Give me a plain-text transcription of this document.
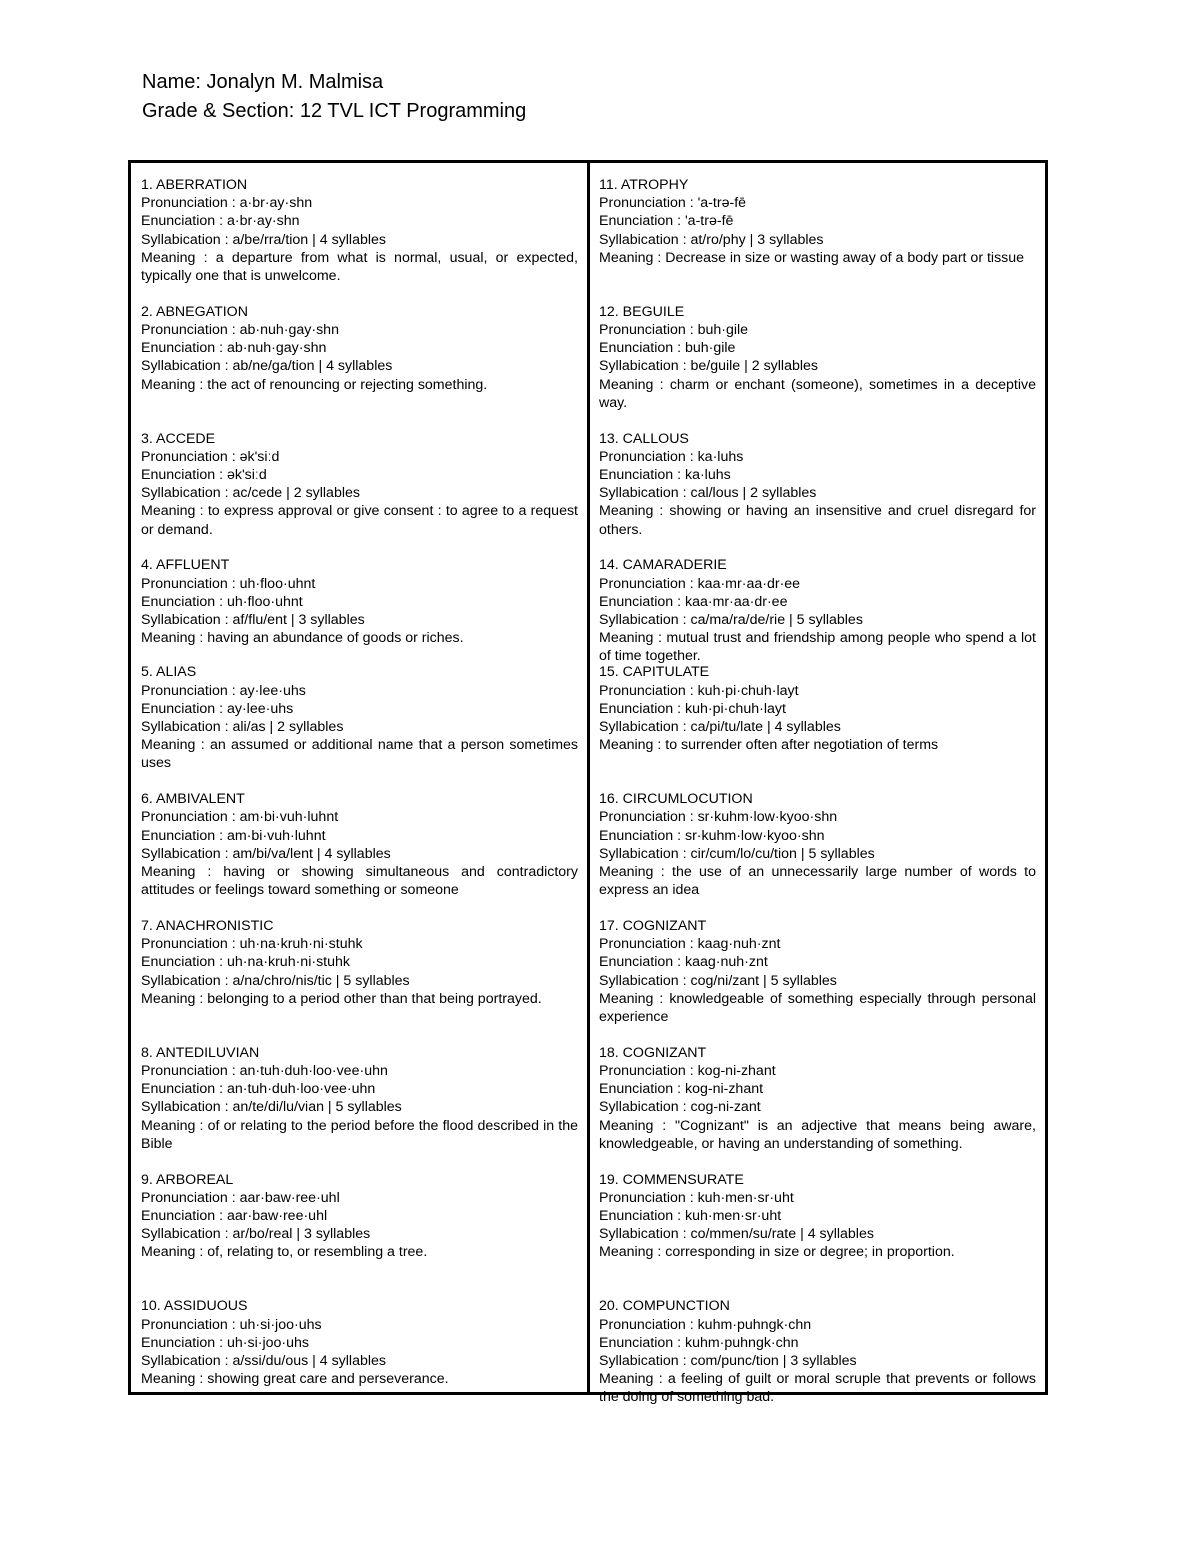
Name: Jonalyn M. Malmisa
Grade & Section: 12 TVL ICT Programming
1. ABERRATION
Pronunciation : a·br·ay·shn
Enunciation : a·br·ay·shn
Syllabication : a/be/rra/tion | 4 syllables
Meaning : a departure from what is normal, usual, or expected, typically one that is unwelcome.
2. ABNEGATION
Pronunciation : ab·nuh·gay·shn
Enunciation : ab·nuh·gay·shn
Syllabication : ab/ne/ga/tion | 4 syllables
Meaning : the act of renouncing or rejecting something.
3. ACCEDE
Pronunciation : ək'siːd
Enunciation : ək'siːd
Syllabication : ac/cede | 2 syllables
Meaning : to express approval or give consent : to agree to a request or demand.
4. AFFLUENT
Pronunciation : uh·floo·uhnt
Enunciation : uh·floo·uhnt
Syllabication : af/flu/ent | 3 syllables
Meaning : having an abundance of goods or riches.
5. ALIAS
Pronunciation : ay·lee·uhs
Enunciation : ay·lee·uhs
Syllabication : ali/as | 2 syllables
Meaning : an assumed or additional name that a person sometimes uses
6. AMBIVALENT
Pronunciation : am·bi·vuh·luhnt
Enunciation : am·bi·vuh·luhnt
Syllabication : am/bi/va/lent | 4 syllables
Meaning : having or showing simultaneous and contradictory attitudes or feelings toward something or someone
7. ANACHRONISTIC
Pronunciation : uh·na·kruh·ni·stuhk
Enunciation : uh·na·kruh·ni·stuhk
Syllabication : a/na/chro/nis/tic | 5 syllables
Meaning : belonging to a period other than that being portrayed.
8. ANTEDILUVIAN
Pronunciation : an·tuh·duh·loo·vee·uhn
Enunciation : an·tuh·duh·loo·vee·uhn
Syllabication : an/te/di/lu/vian | 5 syllables
Meaning : of or relating to the period before the flood described in the Bible
9. ARBOREAL
Pronunciation : aar·baw·ree·uhl
Enunciation : aar·baw·ree·uhl
Syllabication : ar/bo/real | 3 syllables
Meaning : of, relating to, or resembling a tree.
10. ASSIDUOUS
Pronunciation : uh·si·joo·uhs
Enunciation : uh·si·joo·uhs
Syllabication : a/ssi/du/ous | 4 syllables
Meaning : showing great care and perseverance.
11. ATROPHY
Pronunciation : 'a-trə-fē
Enunciation : 'a-trə-fē
Syllabication : at/ro/phy | 3 syllables
Meaning : Decrease in size or wasting away of a body part or tissue
12. BEGUILE
Pronunciation : buh·gile
Enunciation : buh·gile
Syllabication : be/guile | 2 syllables
Meaning : charm or enchant (someone), sometimes in a deceptive way.
13. CALLOUS
Pronunciation : ka·luhs
Enunciation : ka·luhs
Syllabication : cal/lous | 2 syllables
Meaning : showing or having an insensitive and cruel disregard for others.
14. CAMARADERIE
Pronunciation : kaa·mr·aa·dr·ee
Enunciation : kaa·mr·aa·dr·ee
Syllabication : ca/ma/ra/de/rie | 5 syllables
Meaning : mutual trust and friendship among people who spend a lot of time together.
15. CAPITULATE
Pronunciation : kuh·pi·chuh·layt
Enunciation : kuh·pi·chuh·layt
Syllabication : ca/pi/tu/late | 4 syllables
Meaning : to surrender often after negotiation of terms
16. CIRCUMLOCUTION
Pronunciation : sr·kuhm·low·kyoo·shn
Enunciation : sr·kuhm·low·kyoo·shn
Syllabication : cir/cum/lo/cu/tion | 5 syllables
Meaning : the use of an unnecessarily large number of words to express an idea
17. COGNIZANT
Pronunciation : kaag·nuh·znt
Enunciation : kaag·nuh·znt
Syllabication : cog/ni/zant | 5 syllables
Meaning : knowledgeable of something especially through personal experience
18. COGNIZANT
Pronunciation : kog-ni-zhant
Enunciation : kog-ni-zhant
Syllabication : cog-ni-zant
Meaning : "Cognizant" is an adjective that means being aware, knowledgeable, or having an understanding of something.
19. COMMENSURATE
Pronunciation : kuh·men·sr·uht
Enunciation : kuh·men·sr·uht
Syllabication : co/mmen/su/rate | 4 syllables
Meaning : corresponding in size or degree; in proportion.
20. COMPUNCTION
Pronunciation : kuhm·puhngk·chn
Enunciation : kuhm·puhngk·chn
Syllabication : com/punc/tion | 3 syllables
Meaning : a feeling of guilt or moral scruple that prevents or follows the doing of something bad.
